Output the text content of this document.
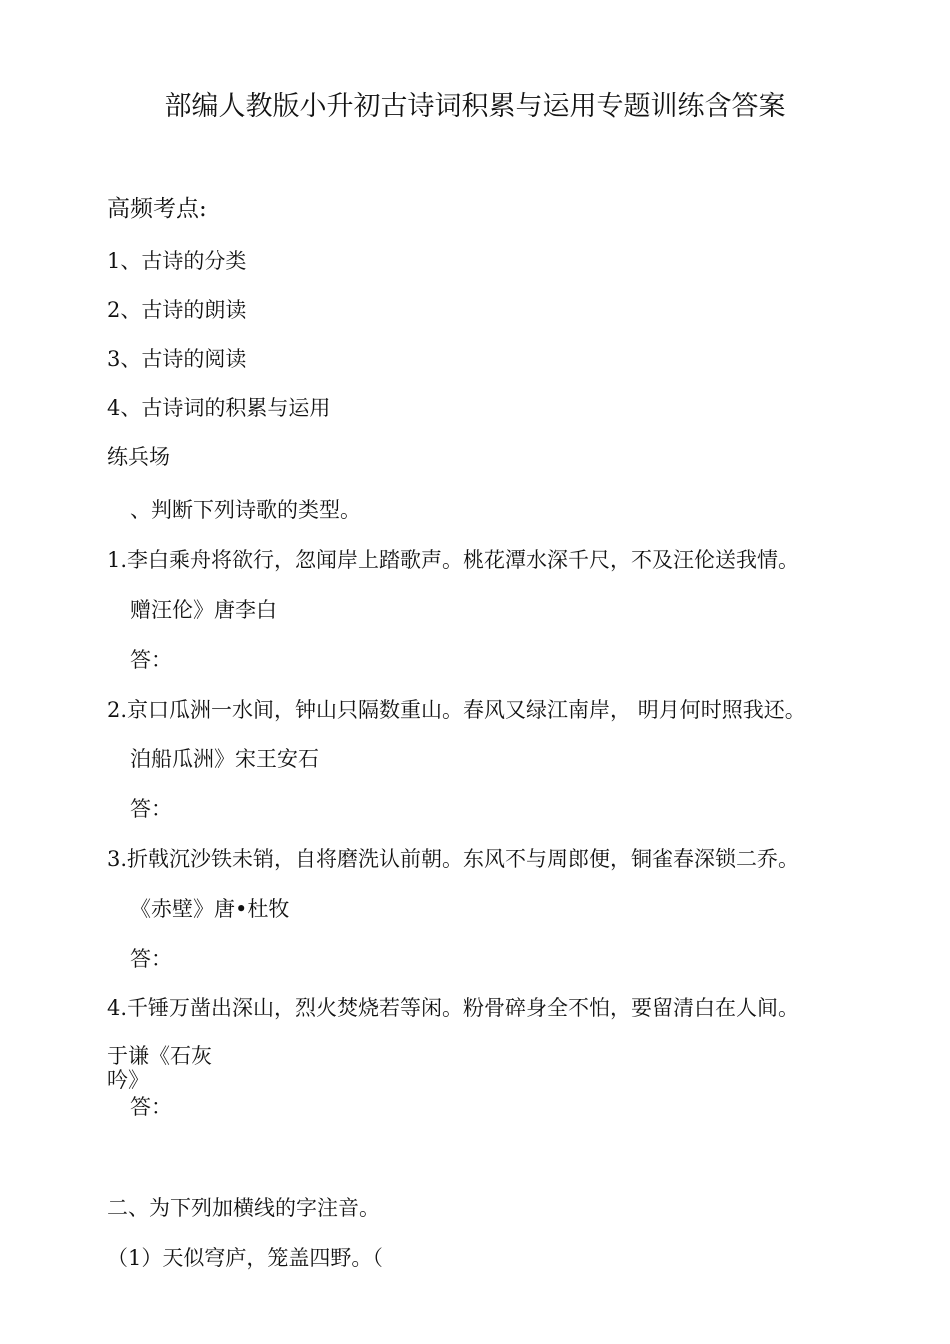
部编人教版小升初古诗词积累与运用专题训练含答案
高频考点:
1、古诗的分类
2、古诗的朗读
3、古诗的阅读
4、古诗词的积累与运用
练兵场
、判断下列诗歌的类型。
1.李白乘舟将欲行，忽闻岸上踏歌声。桃花潭水深千尺，不及汪伦送我情。
赠汪伦》唐李白
答：
2.京口瓜洲一水间，钟山只隔数重山。春风又绿江南岸， 明月何时照我还。
泊船瓜洲》宋王安石
答：
3.折戟沉沙铁未销，自将磨洗认前朝。东风不与周郎便，铜雀春深锁二乔。
《赤壁》唐•杜牧
答：
4.千锤万凿出深山，烈火焚烧若等闲。粉骨碎身全不怕，要留清白在人间。
于谦《石灰
吟》
答：
二、为下列加横线的字注音。
（1）天似穹庐，笼盖四野。（
